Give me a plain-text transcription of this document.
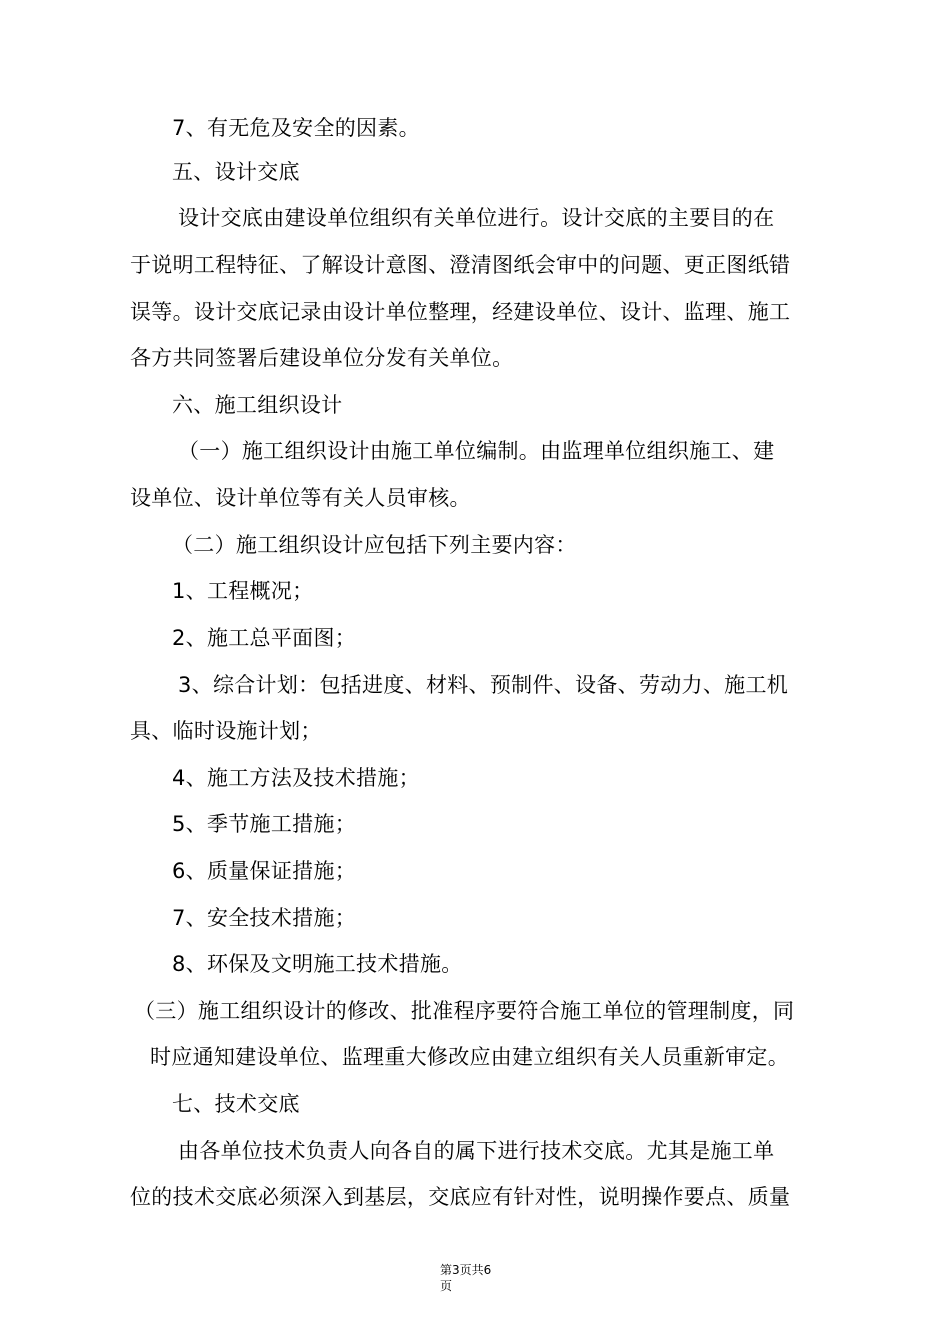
7、有无危及安全的因素。
五、设计交底
设计交底由建设单位组织有关单位进行。设计交底的主要目的在
于说明工程特征、了解设计意图、澄清图纸会审中的问题、更正图纸错
误等。设计交底记录由设计单位整理，经建设单位、设计、监理、施工
各方共同签署后建设单位分发有关单位。
六、施工组织设计
（一）施工组织设计由施工单位编制。由监理单位组织施工、建
设单位、设计单位等有关人员审核。
（二）施工组织设计应包括下列主要内容：
1、工程概况；
2、施工总平面图；
3、综合计划：包括进度、材料、预制件、设备、劳动力、施工机
具、临时设施计划；
4、施工方法及技术措施；
5、季节施工措施；
6、质量保证措施；
7、安全技术措施；
8、环保及文明施工技术措施。
（三）施工组织设计的修改、批准程序要符合施工单位的管理制度，同
时应通知建设单位、监理重大修改应由建立组织有关人员重新审定。
七、技术交底
由各单位技术负责人向各自的属下进行技术交底。尤其是施工单
位的技术交底必须深入到基层，交底应有针对性，说明操作要点、质量
第3页共6
页
